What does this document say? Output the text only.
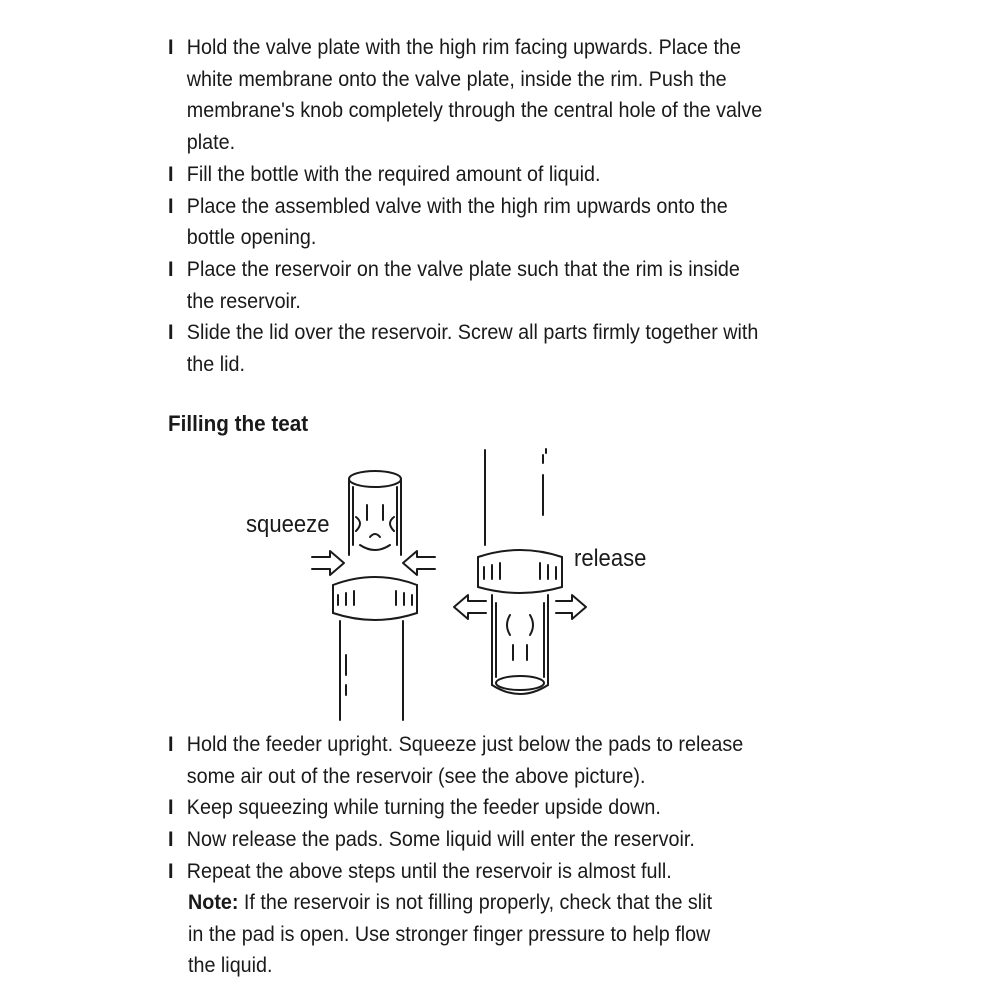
I Hold the valve plate with the high rim facing upwards. Place the
white membrane onto the valve plate, inside the rim. Push the
membrane's knob completely through the central hole of the valve
plate.
I Fill the bottle with the required amount of liquid.
I Place the assembled valve with the high rim upwards onto the
bottle opening.
I Place the reservoir on the valve plate such that the rim is inside
the reservoir.
I Slide the lid over the reservoir. Screw all parts firmly together with
the lid.
Filling the teat
squeeze
release
I Hold the feeder upright. Squeeze just below the pads to release
some air out of the reservoir (see the above picture).
I Keep squeezing while turning the feeder upside down.
I Now release the pads. Some liquid will enter the reservoir.
I Repeat the above steps until the reservoir is almost full.
Note: If the reservoir is not filling properly, check that the slit
in the pad is open. Use stronger finger pressure to help flow
the liquid.
